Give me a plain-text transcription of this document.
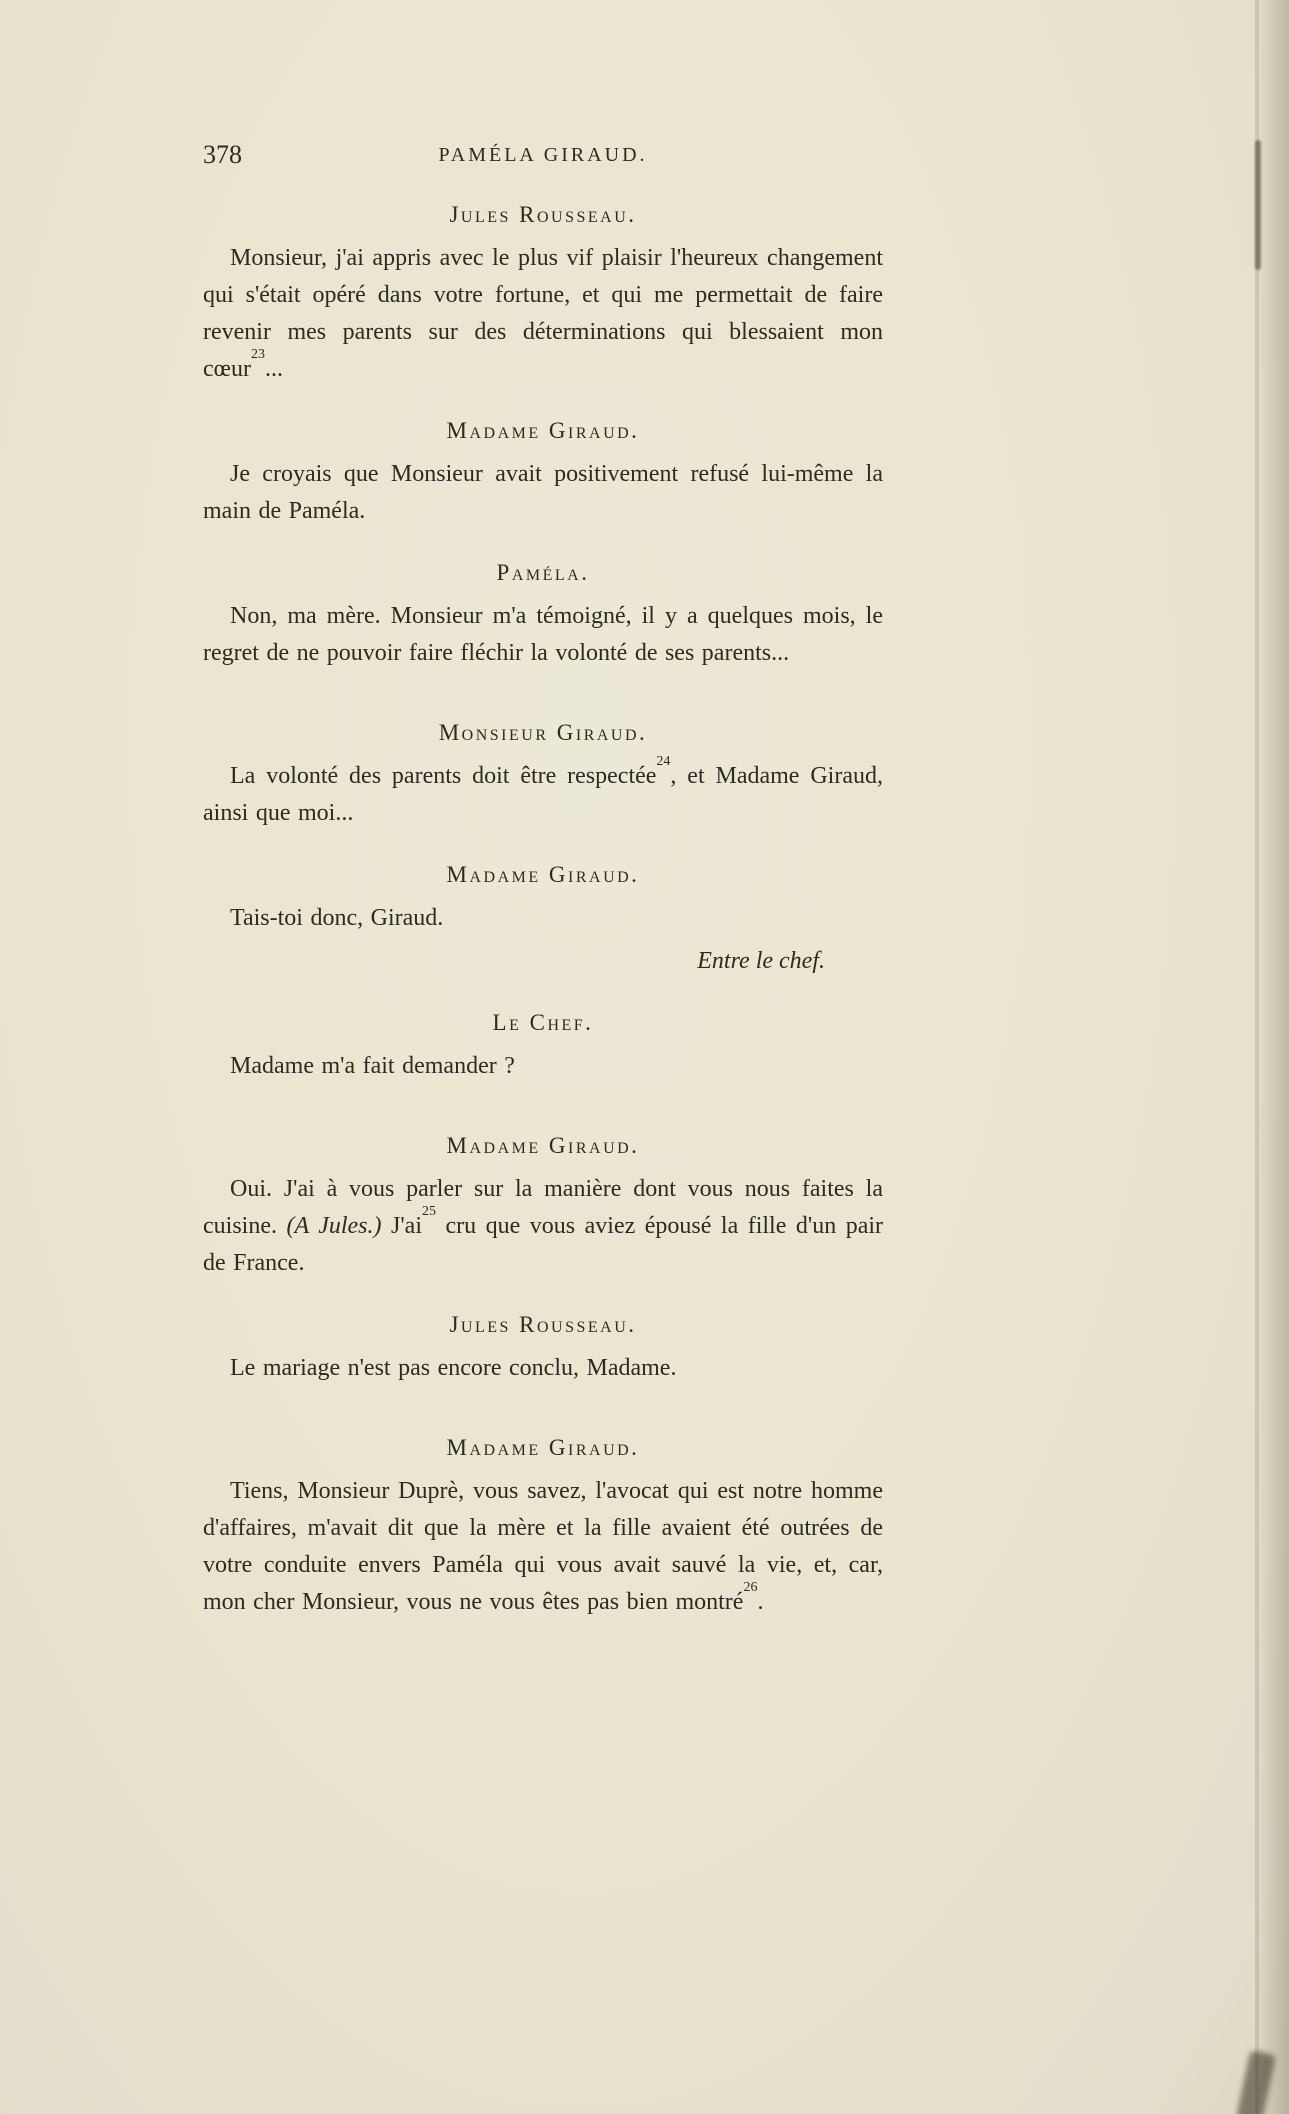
378	PAMÉLA GIRAUD.
Jules Rousseau.

Monsieur, j'ai appris avec le plus vif plaisir l'heureux changement qui s'était opéré dans votre fortune, et qui me permettait de faire revenir mes parents sur des déterminations qui blessaient mon cœur$^{23}$...

Madame Giraud.

Je croyais que Monsieur avait positivement refusé lui-même la main de Paméla.

Paméla.

Non, ma mère. Monsieur m'a témoigné, il y a quelques mois, le regret de ne pouvoir faire fléchir la volonté de ses parents...

Monsieur Giraud.

La volonté des parents doit être respectée$^{24}$, et Madame Giraud, ainsi que moi...

Madame Giraud.

Tais-toi donc, Giraud.

Entre le chef.

Le Chef.

Madame m'a fait demander ?

Madame Giraud.

Oui. J'ai à vous parler sur la manière dont vous nous faites la cuisine. (A Jules.) J'ai$^{25}$ cru que vous aviez épousé la fille d'un pair de France.

Jules Rousseau.

Le mariage n'est pas encore conclu, Madame.

Madame Giraud.

Tiens, Monsieur Duprè, vous savez, l'avocat qui est notre homme d'affaires, m'avait dit que la mère et la fille avaient été outrées de votre conduite envers Paméla qui vous avait sauvé la vie, et, car, mon cher Monsieur, vous ne vous êtes pas bien montré$^{26}$.
